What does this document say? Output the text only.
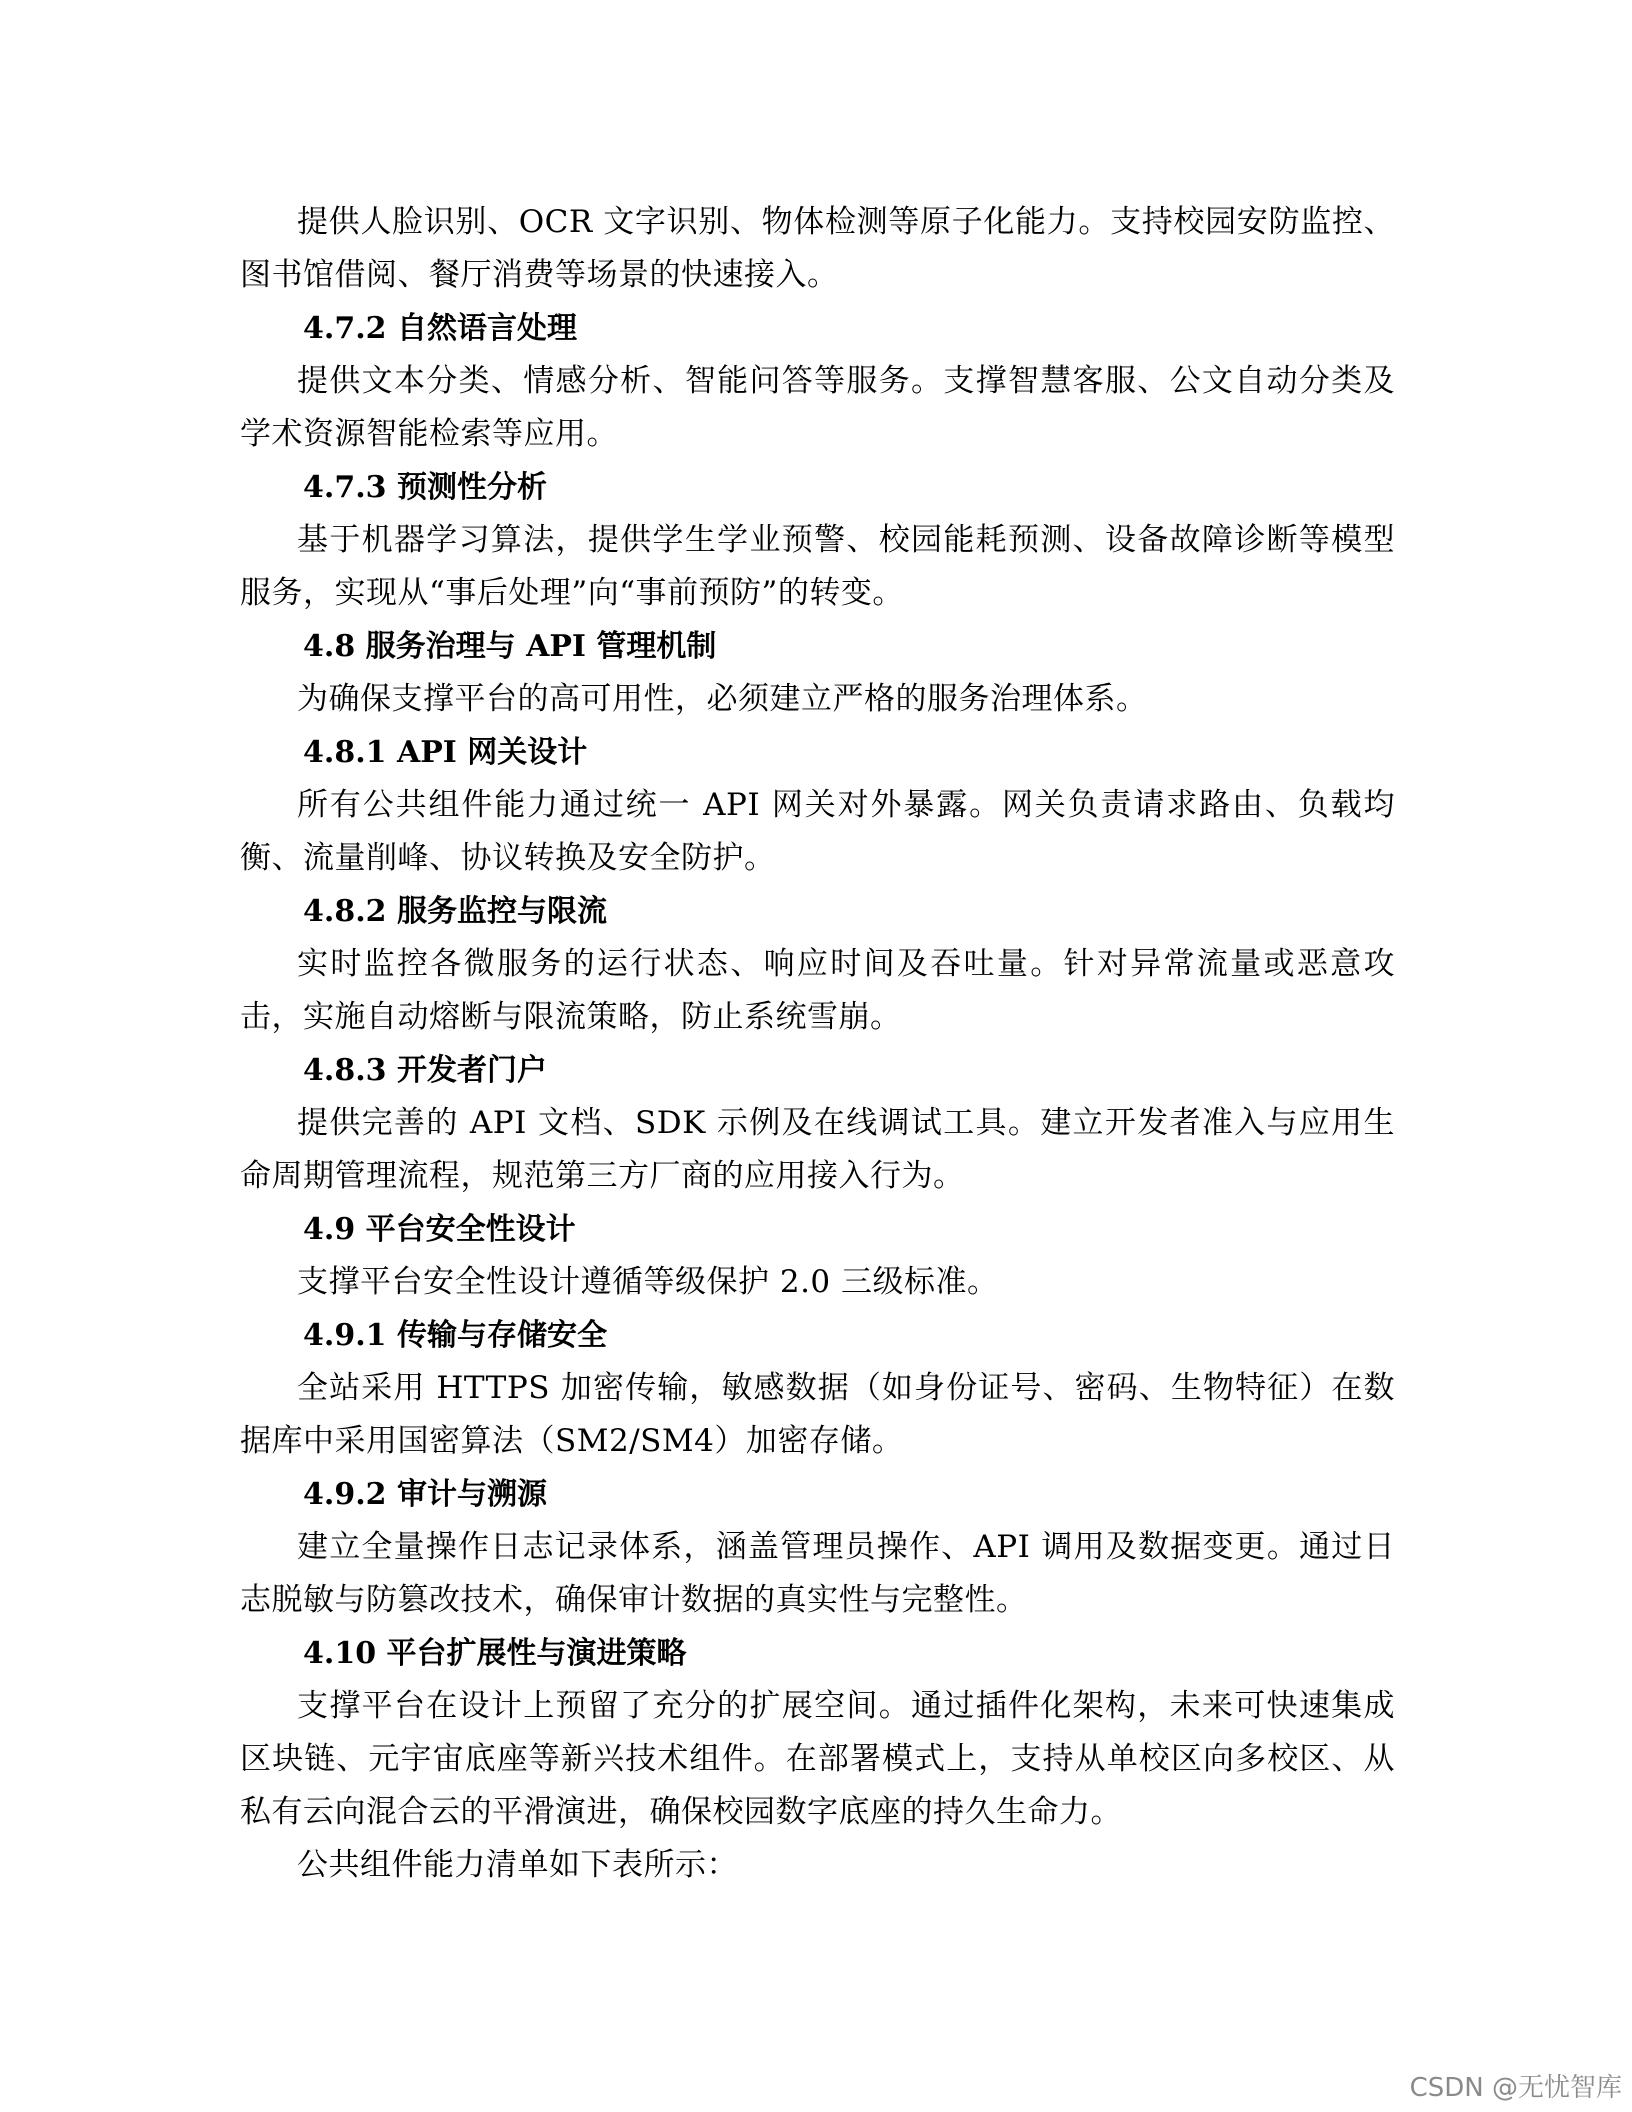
提供人脸识别、OCR 文字识别、物体检测等原子化能力。支持校园安防监控、图书馆借阅、餐厅消费等场景的快速接入。

4.7.2 自然语言处理

提供文本分类、情感分析、智能问答等服务。支撑智慧客服、公文自动分类及学术资源智能检索等应用。

4.7.3 预测性分析

基于机器学习算法，提供学生学业预警、校园能耗预测、设备故障诊断等模型服务，实现从“事后处理”向“事前预防”的转变。

4.8 服务治理与 API 管理机制

为确保支撑平台的高可用性，必须建立严格的服务治理体系。

4.8.1 API 网关设计

所有公共组件能力通过统一 API 网关对外暴露。网关负责请求路由、负载均衡、流量削峰、协议转换及安全防护。

4.8.2 服务监控与限流

实时监控各微服务的运行状态、响应时间及吞吐量。针对异常流量或恶意攻击，实施自动熔断与限流策略，防止系统雪崩。

4.8.3 开发者门户

提供完善的 API 文档、SDK 示例及在线调试工具。建立开发者准入与应用生命周期管理流程，规范第三方厂商的应用接入行为。

4.9 平台安全性设计

支撑平台安全性设计遵循等级保护 2.0 三级标准。

4.9.1 传输与存储安全

全站采用 HTTPS 加密传输，敏感数据（如身份证号、密码、生物特征）在数据库中采用国密算法（SM2/SM4）加密存储。

4.9.2 审计与溯源

建立全量操作日志记录体系，涵盖管理员操作、API 调用及数据变更。通过日志脱敏与防篡改技术，确保审计数据的真实性与完整性。

4.10 平台扩展性与演进策略

支撑平台在设计上预留了充分的扩展空间。通过插件化架构，未来可快速集成区块链、元宇宙底座等新兴技术组件。在部署模式上，支持从单校区向多校区、从私有云向混合云的平滑演进，确保校园数字底座的持久生命力。

公共组件能力清单如下表所示：

CSDN @无忧智库
